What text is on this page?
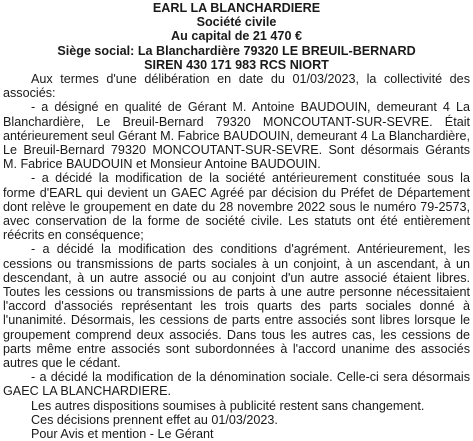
EARL LA BLANCHARDIERE
Société civile
Au capital de 21 470 €
Siège social: La Blanchardière 79320 LE BREUIL-BERNARD
SIREN 430 171 983 RCS NIORT

Aux termes d'une délibération en date du 01/03/2023, la collectivité des associés:

- a désigné en qualité de Gérant M. Antoine BAUDOUIN, demeurant 4 La Blanchardière, Le Breuil-Bernard 79320 MONCOUTANT-SUR-SEVRE. Était antérieurement seul Gérant M. Fabrice BAUDOUIN, demeurant 4 La Blanchardière, Le Breuil-Bernard 79320 MONCOUTANT-SUR-SEVRE. Sont désormais Gérants M. Fabrice BAUDOUIN et Monsieur Antoine BAUDOUIN.

- a décidé la modification de la société antérieurement constituée sous la forme d'EARL qui devient un GAEC Agréé par décision du Préfet de Département dont relève le groupement en date du 28 novembre 2022 sous le numéro 79-2573, avec conservation de la forme de société civile. Les statuts ont été entièrement réécrits en conséquence;

- a décidé la modification des conditions d'agrément. Antérieurement, les cessions ou transmissions de parts sociales à un conjoint, à un ascendant, à un descendant, à un autre associé ou au conjoint d'un autre associé étaient libres. Toutes les cessions ou transmissions de parts à une autre personne nécessitaient l'accord d'associés représentant les trois quarts des parts sociales donné à l'unanimité. Désormais, les cessions de parts entre associés sont libres lorsque le groupement comprend deux associés. Dans tous les autres cas, les cessions de parts même entre associés sont subordonnées à l'accord unanime des associés autres que le cédant.

- a décidé la modification de la dénomination sociale. Celle-ci sera désormais GAEC LA BLANCHARDIERE.

Les autres dispositions soumises à publicité restent sans changement.

Ces décisions prennent effet au 01/03/2023.

Pour Avis et mention - Le Gérant
